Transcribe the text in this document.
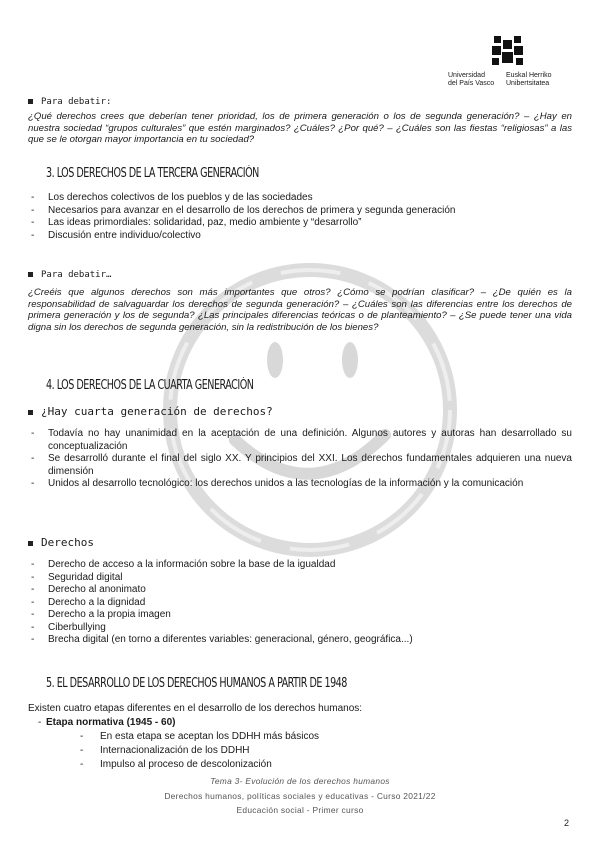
Universidad
del País Vasco
Euskal Herriko
Unibertsitatea
Para debatir:
¿Qué derechos crees que deberían tener prioridad, los de primera generación o los de segunda generación? – ¿Hay en nuestra sociedad “grupos culturales” que estén marginados? ¿Cuáles? ¿Por qué? – ¿Cuáles son las fiestas “religiosas” a las que se le otorgan mayor importancia en tu sociedad?
3. LOS DERECHOS DE LA TERCERA GENERACIÓN
- Los derechos colectivos de los pueblos y de las sociedades
- Necesarios para avanzar en el desarrollo de los derechos de primera y segunda generación
- Las ideas primordiales: solidaridad, paz, medio ambiente y “desarrollo”
- Discusión entre individuo/colectivo
Para debatir…
¿Creéis que algunos derechos son más importantes que otros? ¿Cómo se podrían clasificar? – ¿De quién es la responsabilidad de salvaguardar los derechos de segunda generación? – ¿Cuáles son las diferencias entre los derechos de primera generación y los de segunda? ¿Las principales diferencias teóricas o de planteamiento? – ¿Se puede tener una vida digna sin los derechos de segunda generación, sin la redistribución de los bienes?
4. LOS DERECHOS DE LA CUARTA GENERACIÓN
¿Hay cuarta generación de derechos?
- Todavía no hay unanimidad en la aceptación de una definición. Algunos autores y autoras han desarrollado su conceptualización
- Se desarrolló durante el final del siglo XX. Y principios del XXI. Los derechos fundamentales adquieren una nueva dimensión
- Unidos al desarrollo tecnológico: los derechos unidos a las tecnologías de la información y la comunicación
Derechos
- Derecho de acceso a la información sobre la base de la igualdad
- Seguridad digital
- Derecho al anonimato
- Derecho a la dignidad
- Derecho a la propia imagen
- Ciberbullying
- Brecha digital (en torno a diferentes variables: generacional, género, geográfica...)
5. EL DESARROLLO DE LOS DERECHOS HUMANOS A PARTIR DE 1948
Existen cuatro etapas diferentes en el desarrollo de los derechos humanos:
- Etapa normativa (1945 - 60)
- En esta etapa se aceptan los DDHH más básicos
- Internacionalización de los DDHH
- Impulso al proceso de descolonización
Tema 3- Evolución de los derechos humanos
Derechos humanos, políticas sociales y educativas - Curso 2021/22
Educación social - Primer curso
2
